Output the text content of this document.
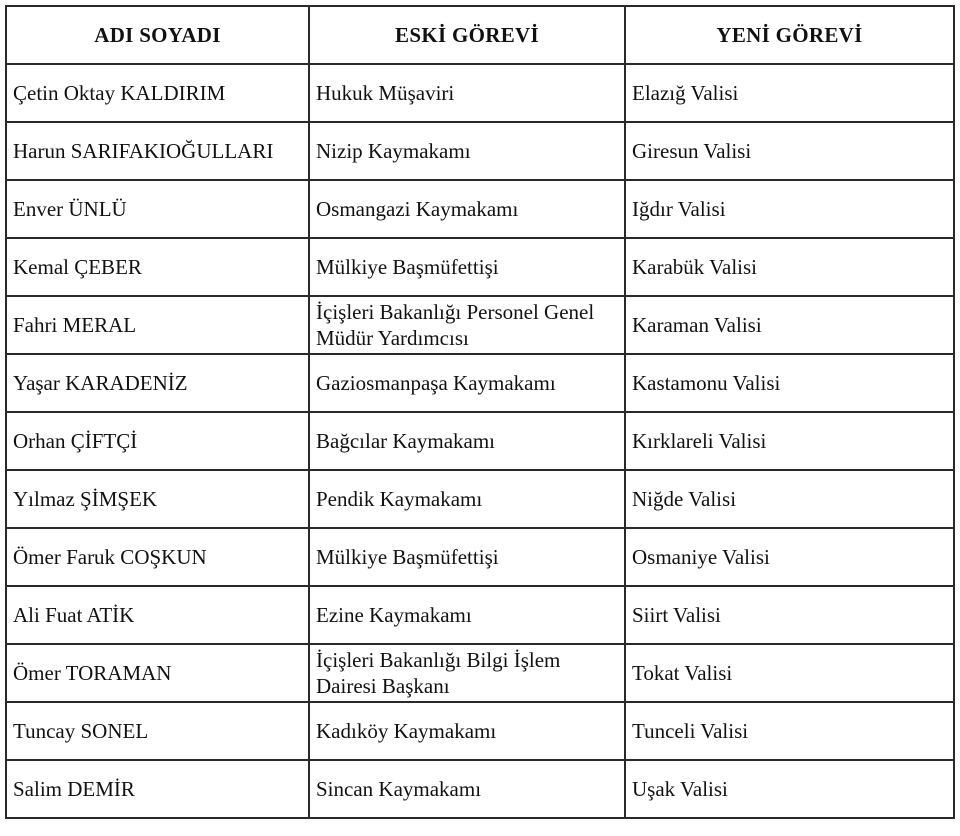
ADI SOYADI	ESKİ GÖREVİ	YENİ GÖREVİ
Çetin Oktay KALDIRIM	Hukuk Müşaviri	Elazığ Valisi
Harun SARIFAKIOĞULLARI	Nizip Kaymakamı	Giresun Valisi
Enver ÜNLÜ	Osmangazi Kaymakamı	Iğdır Valisi
Kemal ÇEBER	Mülkiye Başmüfettişi	Karabük Valisi
Fahri MERAL	İçişleri Bakanlığı Personel Genel Müdür Yardımcısı	Karaman Valisi
Yaşar KARADENİZ	Gaziosmanpaşa Kaymakamı	Kastamonu Valisi
Orhan ÇİFTÇİ	Bağcılar Kaymakamı	Kırklareli Valisi
Yılmaz ŞİMŞEK	Pendik Kaymakamı	Niğde Valisi
Ömer Faruk COŞKUN	Mülkiye Başmüfettişi	Osmaniye Valisi
Ali Fuat ATİK	Ezine Kaymakamı	Siirt Valisi
Ömer TORAMAN	İçişleri Bakanlığı Bilgi İşlem Dairesi Başkanı	Tokat Valisi
Tuncay SONEL	Kadıköy Kaymakamı	Tunceli Valisi
Salim DEMİR	Sincan Kaymakamı	Uşak Valisi
